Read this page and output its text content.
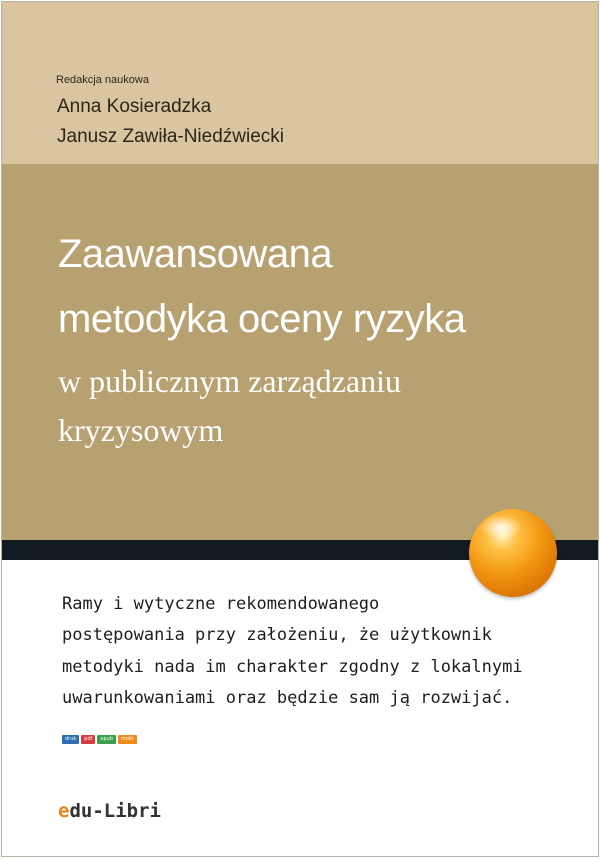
Redakcja naukowa
Anna Kosieradzka
Janusz Zawiła-Niedźwiecki
Zaawansowana
metodyka oceny ryzyka
w publicznym zarządzaniu
kryzysowym
Ramy i wytyczne rekomendowanego
postępowania przy założeniu, że użytkownik
metodyki nada im charakter zgodny z lokalnymi
uwarunkowaniami oraz będzie sam ją rozwijać.
druk	pdf	epub	mobi
edu-Libri
